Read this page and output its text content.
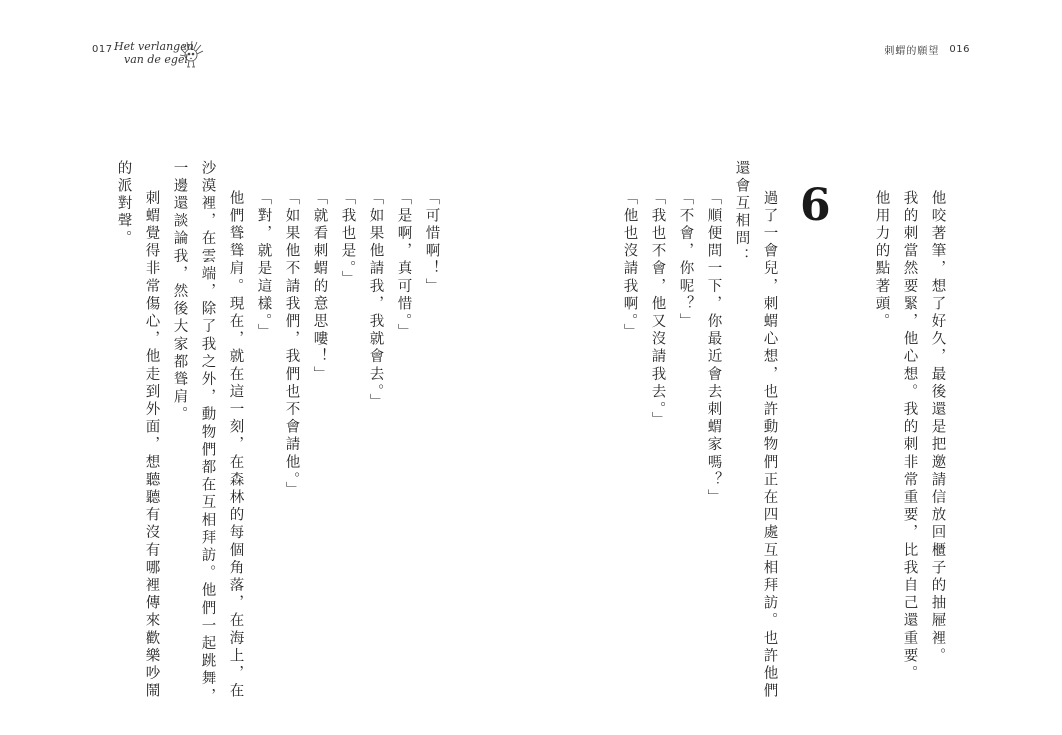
017 Het verlangen
van de egel
刺蝟的願望 016
他咬著筆，想了好久，最後還是把邀請信放回櫃子的抽屜裡。
我的刺當然要緊，他心想。我的刺非常重要，比我自己還重要。
他用力的點著頭。
6
過了一會兒，刺蝟心想，也許動物們正在四處互相拜訪。也許他們
還會互相問：
「順便問一下，你最近會去刺蝟家嗎？」
「不會，你呢？」
「我也不會，他又沒請我去。」
「他也沒請我啊。」
「可惜啊！」
「是啊，真可惜。」
「如果他請我，我就會去。」
「我也是。」
「就看刺蝟的意思嘍！」
「如果他不請我們，我們也不會請他。」
「對，就是這樣。」
他們聳聳肩。現在，就在這一刻，在森林的每個角落，在海上，在
沙漠裡，在雲端，除了我之外，動物們都在互相拜訪。他們一起跳舞，
一邊還談論我，然後大家都聳肩。
刺蝟覺得非常傷心，他走到外面，想聽聽有沒有哪裡傳來歡樂吵鬧
的派對聲。
